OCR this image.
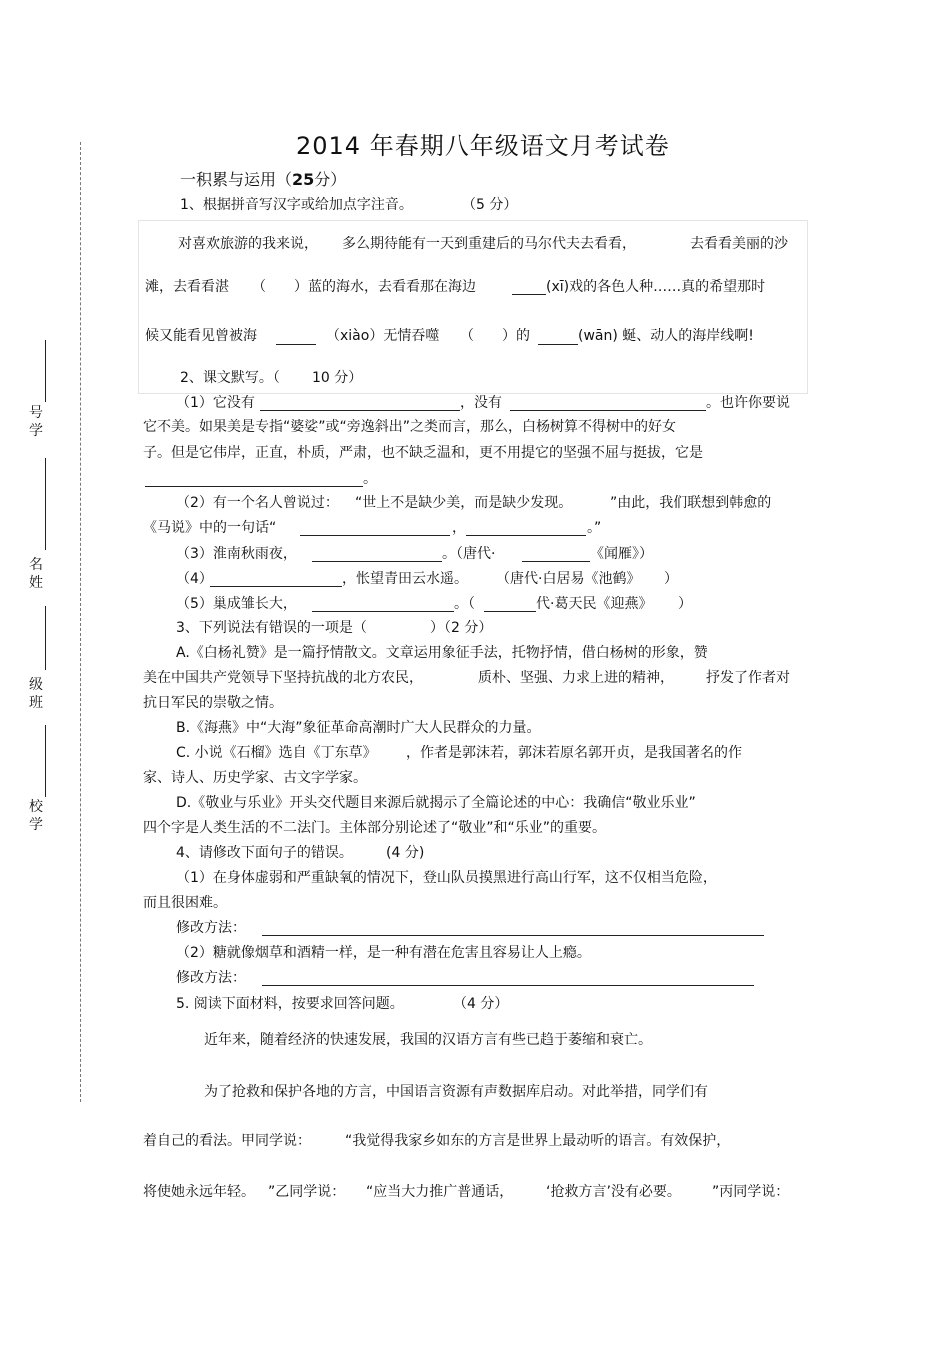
号学
名姓
级班
校学
2014 年春期八年级语文月考试卷
一积累与运用（25分）
1、根据拼音写汉字或给加点字注音。	（5 分）
对喜欢旅游的我来说， 多么期待能有一天到重建后的马尔代夫去看看，	去看看美丽的沙
滩，去看看湛 （ ）蓝的海水，去看看那在海边	(xī)戏的各色人种……真的希望那时
候又能看见曾被海	（xiào）无情吞噬 （ ）的	(wān) 蜒、动人的海岸线啊!
2、课文默写。（ 10 分）
（1）它没有	，没有	。也许你要说
它不美。如果美是专指“婆娑”或“旁逸斜出”之类而言，那么，白杨树算不得树中的好女
子。但是它伟岸，正直，朴质，严肃，也不缺乏温和，更不用提它的坚强不屈与挺拔，它是
。
（2）有一个名人曾说过： “世上不是缺少美，而是缺少发现。	”由此，我们联想到韩愈的
《马说》中的一句话“	，	。”
（3）淮南秋雨夜，	。（唐代·	《闻雁》）
（4）	，怅望青田云水遥。 （唐代·白居易《池鹤》 ）
（5）巢成雏长大，	。（	代·葛天民《迎燕》 ）
3、下列说法有错误的一项是（	）（2 分）
A.《白杨礼赞》是一篇抒情散文。文章运用象征手法，托物抒情，借白杨树的形象，赞
美在中国共产党领导下坚持抗战的北方农民，	质朴、坚强、力求上进的精神， 抒发了作者对
抗日军民的崇敬之情。
B.《海燕》中“大海”象征革命高潮时广大人民群众的力量。
C. 小说《石榴》选自《丁东草》 ，作者是郭沫若，郭沫若原名郭开贞，是我国著名的作
家、诗人、历史学家、古文字学家。
D.《敬业与乐业》开头交代题目来源后就揭示了全篇论述的中心：我确信“敬业乐业”
四个字是人类生活的不二法门。主体部分别论述了“敬业”和“乐业”的重要。
4、请修改下面句子的错误。 (4 分)
（1）在身体虚弱和严重缺氧的情况下，登山队员摸黑进行高山行军，这不仅相当危险，
而且很困难。
修改方法：
（2）糖就像烟草和酒精一样，是一种有潜在危害且容易让人上瘾。
修改方法：
5. 阅读下面材料，按要求回答问题。	（4 分）
近年来，随着经济的快速发展，我国的汉语方言有些已趋于萎缩和衰亡。
为了抢救和保护各地的方言，中国语言资源有声数据库启动。对此举措，同学们有
着自己的看法。甲同学说： “我觉得我家乡如东的方言是世界上最动听的语言。有效保护，
将使她永远年轻。 ”乙同学说： “应当大力推广普通话， ‘抢救方言’没有必要。 ”丙同学说：
